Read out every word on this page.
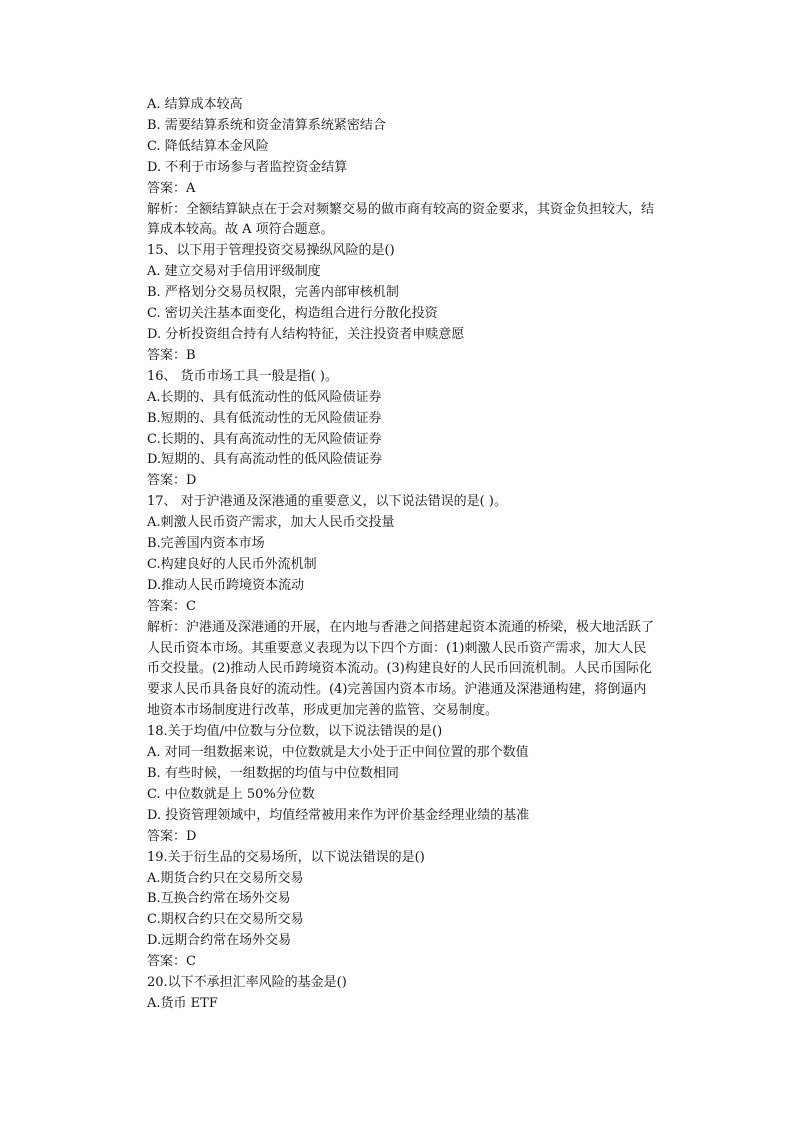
A. 结算成本较高
B. 需要结算系统和资金清算系统紧密结合
C. 降低结算本金风险
D. 不利于市场参与者监控资金结算
答案：A
解析：全额结算缺点在于会对频繁交易的做市商有较高的资金要求，其资金负担较大，结算成本较高。故 A 项符合题意。
15、以下用于管理投资交易操纵风险的是()
A. 建立交易对手信用评级制度
B. 严格划分交易员权限，完善内部审核机制
C. 密切关注基本面变化，构造组合进行分散化投资
D. 分析投资组合持有人结构特征，关注投资者申赎意愿
答案：B
16、 货币市场工具一般是指( )。
A.长期的、具有低流动性的低风险债证券
B.短期的、具有低流动性的无风险债证券
C.长期的、具有高流动性的无风险债证券
D.短期的、具有高流动性的低风险债证券
答案：D
17、 对于沪港通及深港通的重要意义，以下说法错误的是( )。
A.刺激人民币资产需求，加大人民币交投量
B.完善国内资本市场
C.构建良好的人民币外流机制
D.推动人民币跨境资本流动
答案：C
解析：沪港通及深港通的开展，在内地与香港之间搭建起资本流通的桥梁，极大地活跃了人民币资本市场。其重要意义表现为以下四个方面：(1)刺激人民币资产需求，加大人民币交投量。(2)推动人民币跨境资本流动。(3)构建良好的人民币回流机制。人民币国际化要求人民币具备良好的流动性。(4)完善国内资本市场。沪港通及深港通构建，将倒逼内地资本市场制度进行改革，形成更加完善的监管、交易制度。
18.关于均值/中位数与分位数，以下说法错误的是()
A. 对同一组数据来说，中位数就是大小处于正中间位置的那个数值
B. 有些时候，一组数据的均值与中位数相同
C. 中位数就是上 50%分位数
D. 投资管理领域中，均值经常被用来作为评价基金经理业绩的基准
答案：D
19.关于衍生品的交易场所，以下说法错误的是()
A.期货合约只在交易所交易
B.互换合约常在场外交易
C.期权合约只在交易所交易
D.远期合约常在场外交易
答案：C
20.以下不承担汇率风险的基金是()
A.货币 ETF
